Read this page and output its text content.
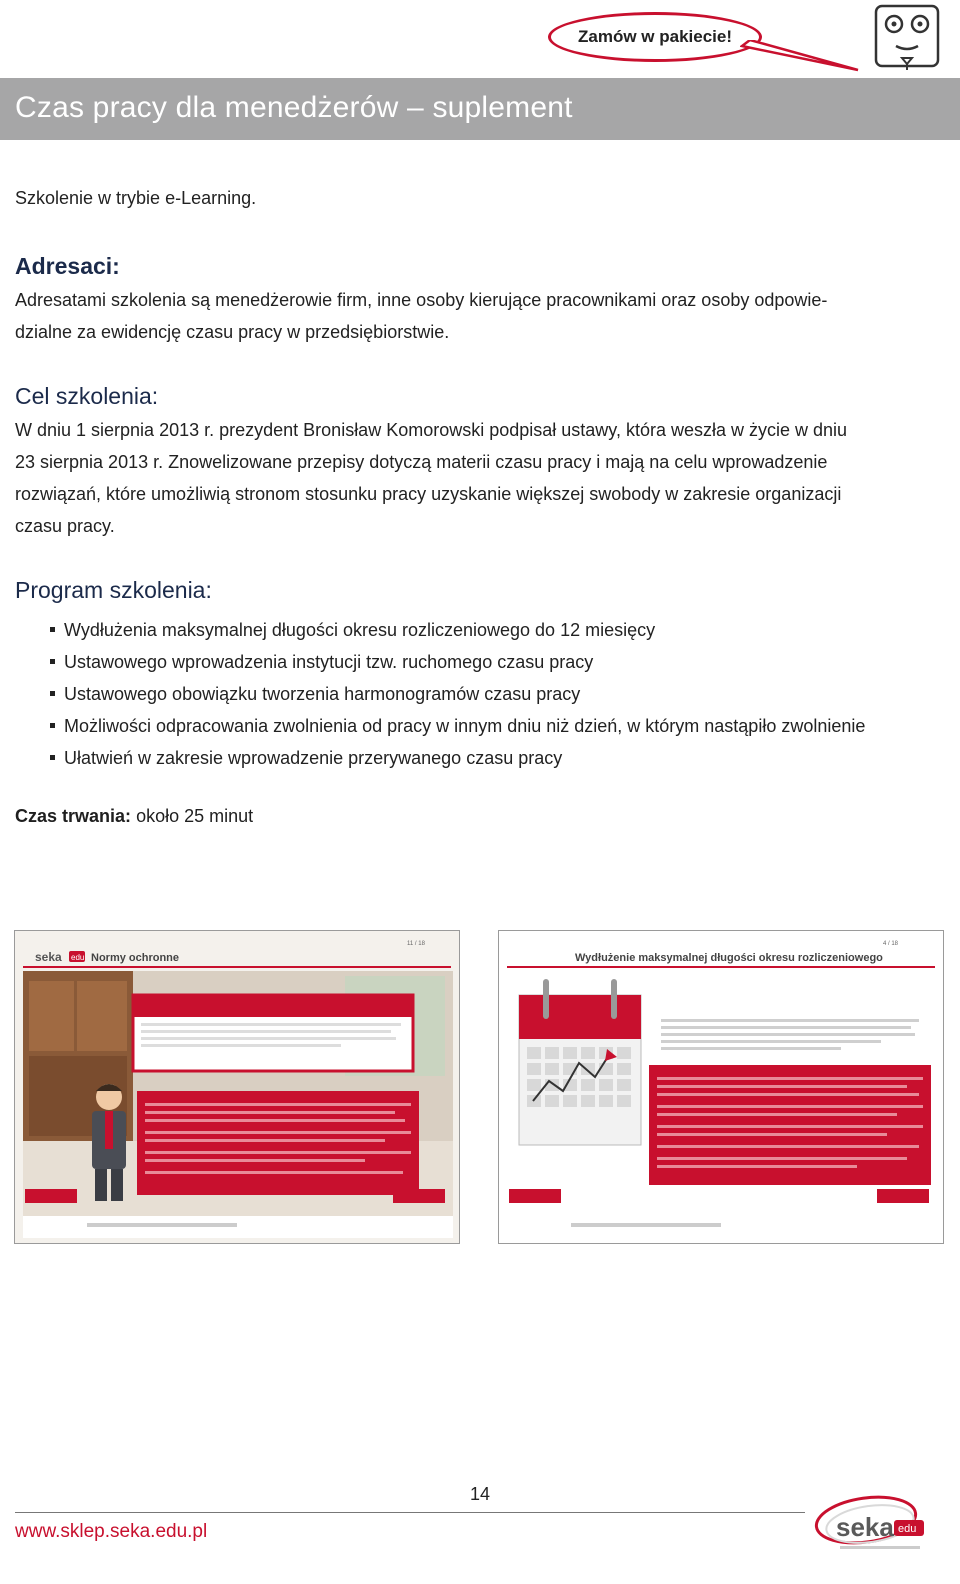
Zamów w pakiecie!
Czas pracy dla menedżerów – suplement
Szkolenie w trybie e-Learning.
Adresaci:
Adresatami szkolenia są menedżerowie firm, inne osoby kierujące pracownikami oraz osoby odpowie-
dzialne za ewidencję czasu pracy w przedsiębiorstwie.
Cel szkolenia:
W dniu 1 sierpnia 2013 r. prezydent Bronisław Komorowski podpisał ustawy, która weszła w życie w dniu
23 sierpnia 2013 r. Znowelizowane przepisy dotyczą materii czasu pracy i mają na celu wprowadzenie
rozwiązań, które umożliwią stronom stosunku pracy uzyskanie większej swobody w zakresie organizacji
czasu pracy.
Program szkolenia:
Wydłużenia maksymalnej długości okresu rozliczeniowego do 12 miesięcy
Ustawowego wprowadzenia instytucji tzw. ruchomego czasu pracy
Ustawowego obowiązku tworzenia harmonogramów czasu pracy
Możliwości odpracowania zwolnienia od pracy w innym dniu niż dzień, w którym nastąpiło zwolnienie
Ułatwień w zakresie wprowadzenie przerywanego czasu pracy
Czas trwania: około 25 minut
seka edu Normy ochronne
11 / 18
Wydłużenie maksymalnej długości okresu rozliczeniowego
4 / 18
14
www.sklep.seka.edu.pl	seka edu
